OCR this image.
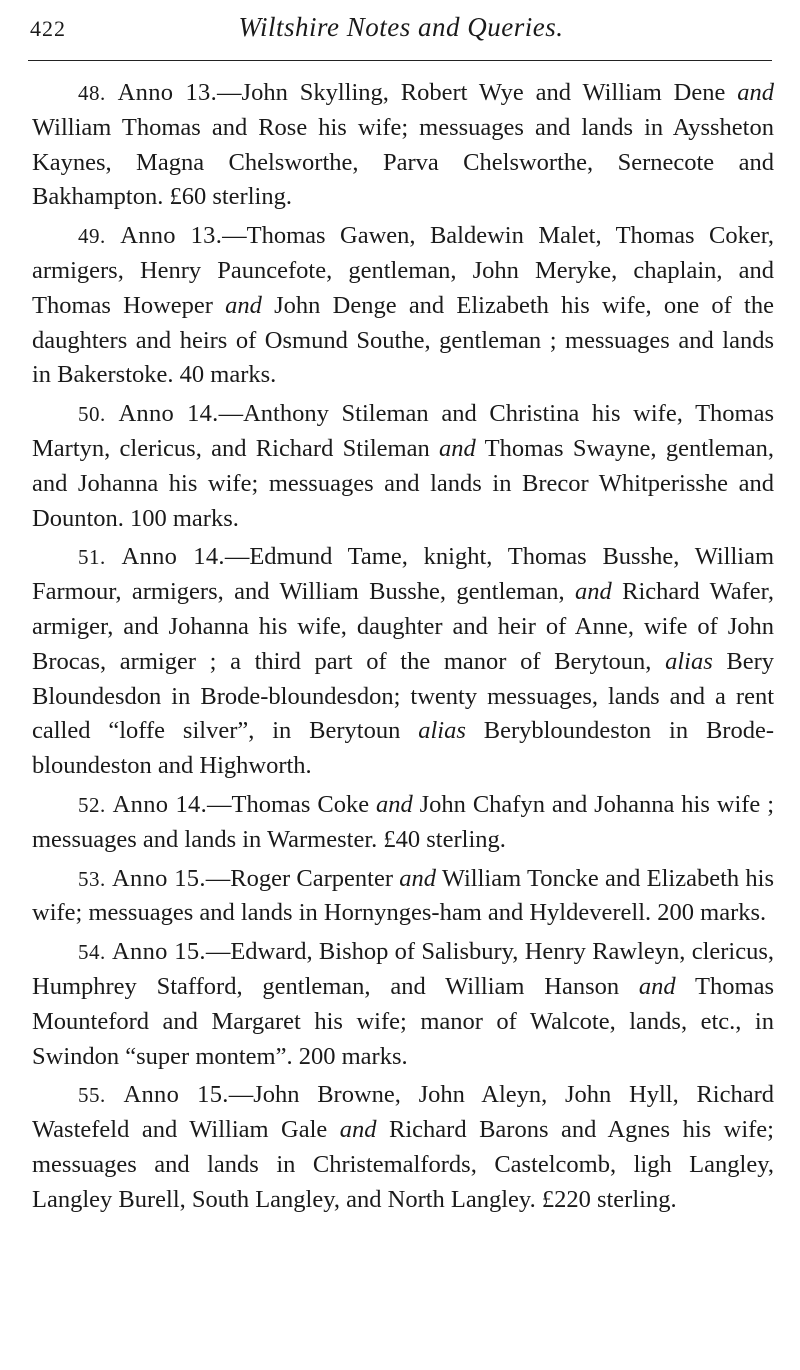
422	Wiltshire Notes and Queries.

48. Anno 13.—John Skylling, Robert Wye and William Dene and William Thomas and Rose his wife; messuages and lands in Ayssheton Kaynes, Magna Chelsworthe, Parva Chelsworthe, Sernecote and Bakhampton. £60 sterling.

49. Anno 13.—Thomas Gawen, Baldewin Malet, Thomas Coker, armigers, Henry Pauncefote, gentleman, John Meryke, chaplain, and Thomas Howeper and John Denge and Elizabeth his wife, one of the daughters and heirs of Osmund Southe, gentleman ; messuages and lands in Bakerstoke. 40 marks.

50. Anno 14.—Anthony Stileman and Christina his wife, Thomas Martyn, clericus, and Richard Stileman and Thomas Swayne, gentleman, and Johanna his wife; messuages and lands in Brecor Whitperisshe and Dounton. 100 marks.

51. Anno 14.—Edmund Tame, knight, Thomas Busshe, William Farmour, armigers, and William Busshe, gentleman, and Richard Wafer, armiger, and Johanna his wife, daughter and heir of Anne, wife of John Brocas, armiger ; a third part of the manor of Berytoun, alias Bery Bloundesdon in Brode-bloundesdon; twenty messuages, lands and a rent called “loffe silver”, in Berytoun alias Berybloundeston in Brode-bloundeston and Highworth.

52. Anno 14.—Thomas Coke and John Chafyn and Johanna his wife ; messuages and lands in Warmester. £40 sterling.

53. Anno 15.—Roger Carpenter and William Toncke and Elizabeth his wife; messuages and lands in Hornynges-ham and Hyldeverell. 200 marks.

54. Anno 15.—Edward, Bishop of Salisbury, Henry Rawleyn, clericus, Humphrey Stafford, gentleman, and William Hanson and Thomas Mounteford and Margaret his wife; manor of Walcote, lands, etc., in Swindon “super montem”. 200 marks.

55. Anno 15.—John Browne, John Aleyn, John Hyll, Richard Wastefeld and William Gale and Richard Barons and Agnes his wife; messuages and lands in Christemalfords, Castelcomb, ligh Langley, Langley Burell, South Langley, and North Langley. £220 sterling.
